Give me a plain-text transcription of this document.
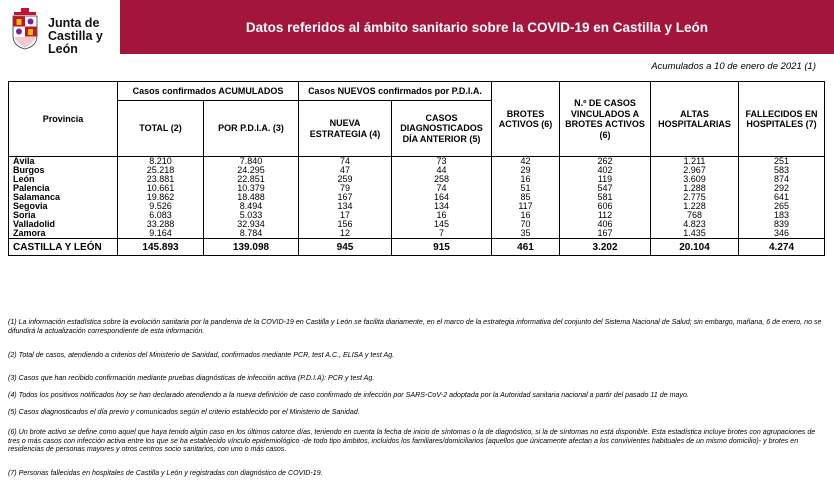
Junta de
Castilla y León
Datos referidos al ámbito sanitario sobre la COVID-19 en Castilla y León
Acumulados a 10 de enero de 2021 (1)
Provincia	Casos confirmados ACUMULADOS		Casos NUEVOS confirmados por P.D.I.A.		BROTES ACTIVOS (6)	N.º DE CASOS VINCULADOS A BROTES ACTIVOS (6)	ALTAS HOSPITALARIAS	FALLECIDOS EN HOSPITALES (7)
	TOTAL (2)	POR P.D.I.A. (3)	NUEVA ESTRATEGIA (4)	CASOS DIAGNOSTICADOS DÍA ANTERIOR (5)				
Ávila	8.210	7.840	74	73	42	262	1.211	251
Burgos	25.218	24.295	47	44	29	402	2.967	583
León	23.881	22.851	259	258	16	119	3.609	874
Palencia	10.661	10.379	79	74	51	547	1.288	292
Salamanca	19.862	18.488	167	164	85	581	2.775	641
Segovia	9.526	8.494	134	134	117	606	1.228	265
Soria	6.083	5.033	17	16	16	112	768	183
Valladolid	33.288	32.934	156	145	70	406	4.823	839
Zamora	9.164	8.784	12	7	35	167	1.435	346
CASTILLA Y LEÓN	145.893	139.098	945	915	461	3.202	20.104	4.274

(1) La información estadística sobre la evolución sanitaria por la pandemia de la COVID-19 en Castilla y León se facilita diariamente, en el marco de la estrategia informativa del conjunto del Sistema Nacional de Salud; sin embargo, mañana, 6 de enero, no se difundirá la actualización correspondiente de esta información.

(2) Total de casos, atendiendo a criterios del Ministerio de Sanidad, confirmados mediante PCR, test A.C., ELISA y test Ag.

(3) Casos que han recibido confirmación mediante pruebas diagnósticas de infección activa (P.D.I.A): PCR y test Ag.

(4) Todos los positivos notificados hoy se han declarado atendiendo a la nueva definición de caso confirmado de infección por SARS-CoV-2 adoptada por la Autoridad sanitaria nacional a partir del pasado 11 de mayo.

(5) Casos diagnosticados el día previo y comunicados según el criterio establecido por el Ministerio de Sanidad.

(6) Un brote activo se define como aquel que haya tenido algún caso en los últimos catorce días, teniendo en cuenta la fecha de inicio de síntomas o la de diagnóstico, si la de síntomas no está disponible. Esta estadística incluye brotes con agrupaciones de tres o más casos con infección activa entre los que se ha establecido vínculo epidemiológico -de todo tipo ámbitos, incluidos los familiares/domiciliarios (aquellos que únicamente afectan a los convivientes habituales de un mismo domicilio)- y brotes en residencias de personas mayores y otros centros socio sanitarios, con uno o más casos.

(7) Personas fallecidas en hospitales de Castilla y León y registradas con diagnóstico de COVID-19.
